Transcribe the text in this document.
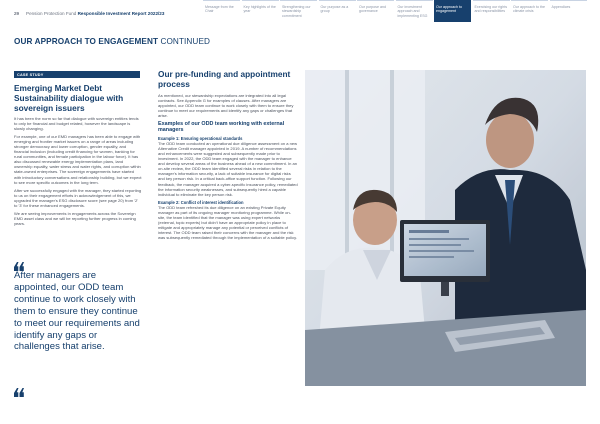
29 Pension Protection Fund Responsible Investment Report 2022/23
Message from the Chair
Key highlights of the year
Strengthening our stewardship commitment
Our purpose as a group
Our purpose and governance
Our investment approach and implementing ESG
Our approach to engagement
Exercising our rights and responsibilities
Our approach to the climate crisis
Appendices
OUR APPROACH TO ENGAGEMENT CONTINUED
CASE STUDY
Emerging Market Debt Sustainability dialogue with sovereign issuers

It has been the norm so far that dialogue with sovereign entities tends to only be financial and budget related, however the landscape is slowly changing.

For example, one of our EMD managers has been able to engage with emerging and frontier market issuers on a range of areas including stronger democracy and lower corruption, gender equality, and financial inclusion (including credit financing for women, banking for rural communities, and female participation in the labour force). It has also discussed renewable energy implementation plans, land ownership equality, water stress and water rights, and corruption within state-owned enterprises. The sovereign engagements have started with introductory conversations and relationship building, but we expect to see more specific outcomes in the long term.

After we successfully engaged with the manager, they started reporting to us on their engagement efforts in acknowledgement of this, we upgraded the manager's ESG disclosure score (see page 20) from '2' to '3' for these enhanced engagements.

We are seeing improvements in engagements across the Sovereign EMD asset class and we will be reporting further progress in coming years.

After managers are appointed, our ODD team continue to work closely with them to ensure they continue to meet our requirements and identify any gaps or challenges that arise.
Our pre-funding and appointment process

As mentioned, our stewardship expectations are integrated into all legal contracts. See Appendix G for examples of clauses. After managers are appointed, our ODD team continue to work closely with them to ensure they continue to meet our requirements and identify any gaps or challenges that arise.

Examples of our ODD team working with external managers
Example 1: Ensuring operational standards

The ODD team conducted an operational due diligence assessment on a new Alternative Credit manager appointed in 2019. A number of recommendations and enhancements were suggested and subsequently made prior to investment. In 2022, the ODD team engaged with the manager to enhance and develop several areas of the business ahead of a new commitment. In an on-site review, the ODD team identified several risks in relation to the manager's information security, a lack of suitable insurance for digital risks and key person risk. In a critical back-office support function. Following our feedback, the manager acquired a cyber-specific insurance policy, remediated the information security weaknesses, and subsequently hired a capable individual to eliminate the key person risk.

Example 2: Conflict of interest identification

The ODD team refreshed its due diligence on an existing Private Equity manager as part of its ongoing manager monitoring programme. While on-site, the team identified that the manager was using expert networks (external, topic experts) but didn't have an appropriate policy in place to mitigate and appropriately manage any potential or perceived conflicts of interest. The ODD team raised their concerns with the manager and the risk was subsequently remediated through the implementation of a suitable policy.
